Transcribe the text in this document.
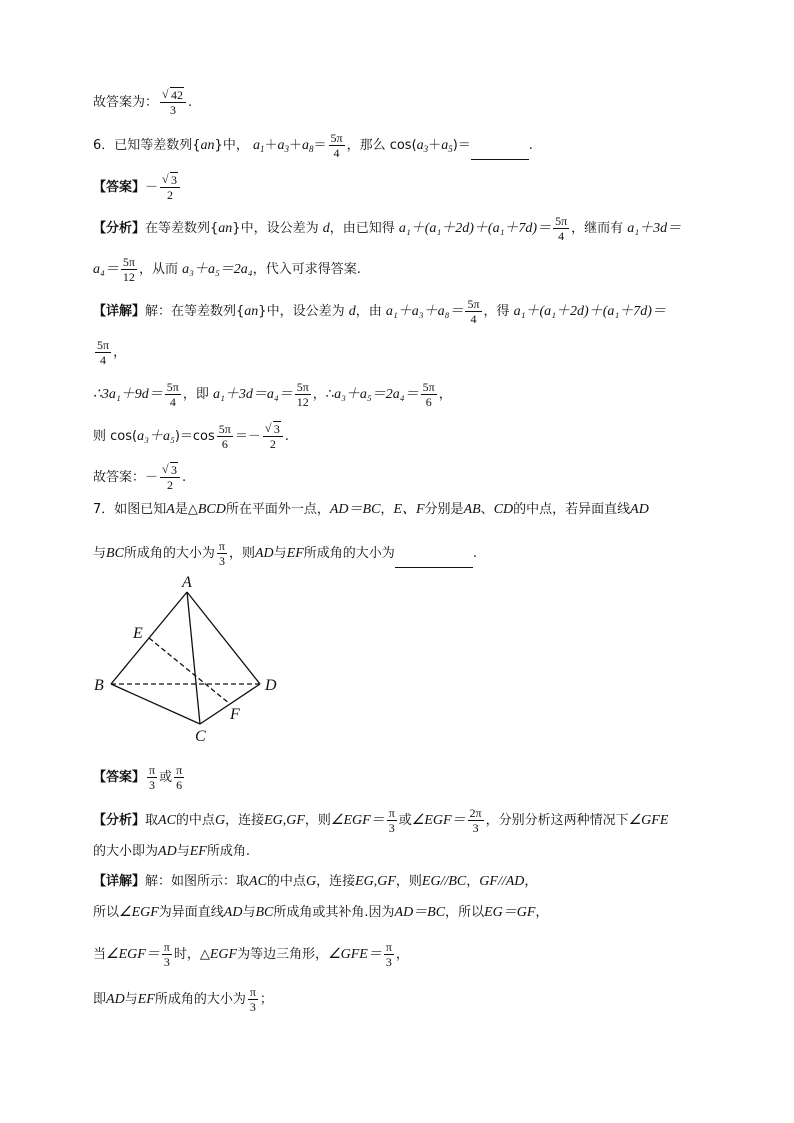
故答案为： √ $\frac{42}{3}$ .
6．已知等差数列{an}中， $a_1+a_3+a_8= \frac{5\pi}{4}$ ，那么 $\cos(a_3+a_5)=$	.
【答案】－ √ $\frac{3}{2}$
【分析】在等差数列{an}中，设公差为 d，由已知得 $a_1+(a_1+2d)+(a_1+7d)= \frac{5\pi}{4}$ ，继而有 a₁＋3d＝
$a_4= \frac{5\pi}{12}$ ，从而 a₃＋a₅＝2a₄，代入可求得答案.
【详解】解：在等差数列{an}中，设公差为 d，由 $a_1+a_3+a_8= \frac{5\pi}{4}$ ，得 a₁＋(a₁＋2d)＋(a₁＋7d)＝
$\frac{5\pi}{4}$ ，
∴3a₁＋9d＝ $\frac{5\pi}{4}$ ，即 $a_1+3d=a_4= \frac{5\pi}{12}$ ，∴a₃＋a₅＝2a₄＝ $\frac{5\pi}{6}$ ，
则 $\cos(a_3+a_5)=\cos \frac{5\pi}{6}$ ＝－ √ $\frac{3}{2}$ .
故答案：－ √ $\frac{3}{2}$ .
7．如图已知A是△BCD所在平面外一点，AD＝BC，E、F分别是AB、CD的中点，若异面直线AD
与BC所成角的大小为 $\frac{\pi}{3}$ ，则AD与EF所成角的大小为	.
A
B
C
D
E
F
【答案】 $\frac{\pi}{3}$ 或 $\frac{\pi}{6}$
【分析】取AC的中点G，连接EG,GF，则∠EGF＝ $\frac{\pi}{3}$ 或∠EGF＝ $\frac{2\pi}{3}$ ，分别分析这两种情况下∠GFE
的大小即为AD与EF所成角.
【详解】解：如图所示：取AC的中点G，连接EG,GF，则EG//BC，GF//AD，
所以∠EGF为异面直线AD与BC所成角或其补角.因为AD＝BC，所以EG＝GF，
当∠EGF＝ $\frac{\pi}{3}$ 时，△EGF为等边三角形，∠GFE＝ $\frac{\pi}{3}$ ，
即AD与EF所成角的大小为 $\frac{\pi}{3}$ ；
